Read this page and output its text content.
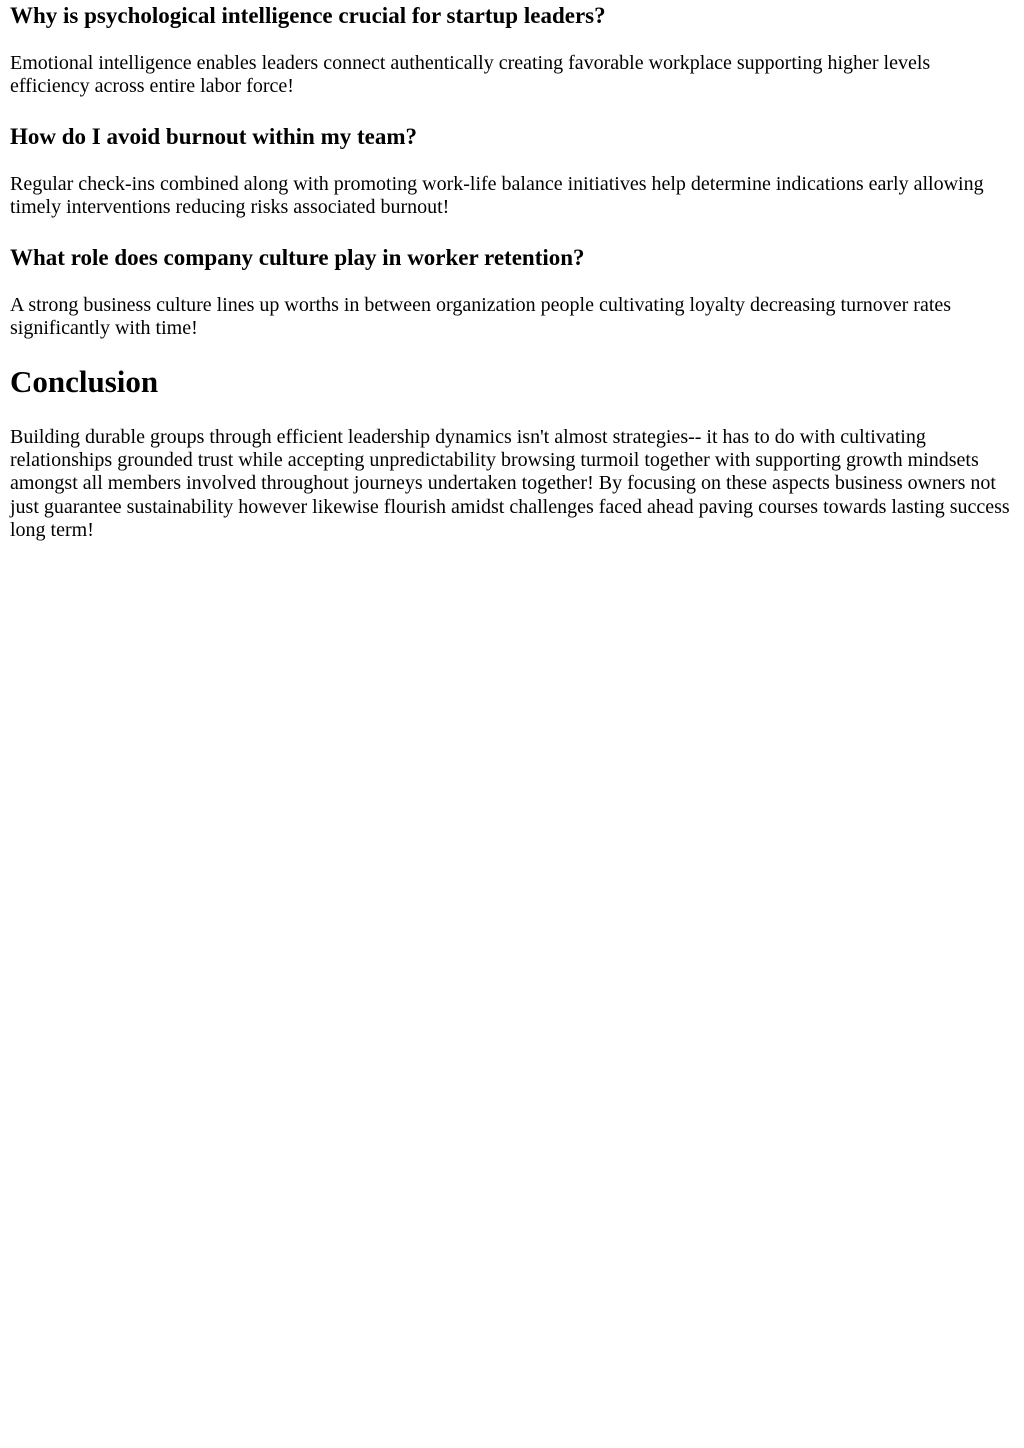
Why is psychological intelligence crucial for startup leaders?

Emotional intelligence enables leaders connect authentically creating favorable workplace supporting higher levels efficiency across entire labor force!

How do I avoid burnout within my team?

Regular check-ins combined along with promoting work-life balance initiatives help determine indications early allowing timely interventions reducing risks associated burnout!

What role does company culture play in worker retention?

A strong business culture lines up worths in between organization people cultivating loyalty decreasing turnover rates significantly with time!

Conclusion

Building durable groups through efficient leadership dynamics isn't almost strategies-- it has to do with cultivating relationships grounded trust while accepting unpredictability browsing turmoil together with supporting growth mindsets amongst all members involved throughout journeys undertaken together! By focusing on these aspects business owners not just guarantee sustainability however likewise flourish amidst challenges faced ahead paving courses towards lasting success long term!
